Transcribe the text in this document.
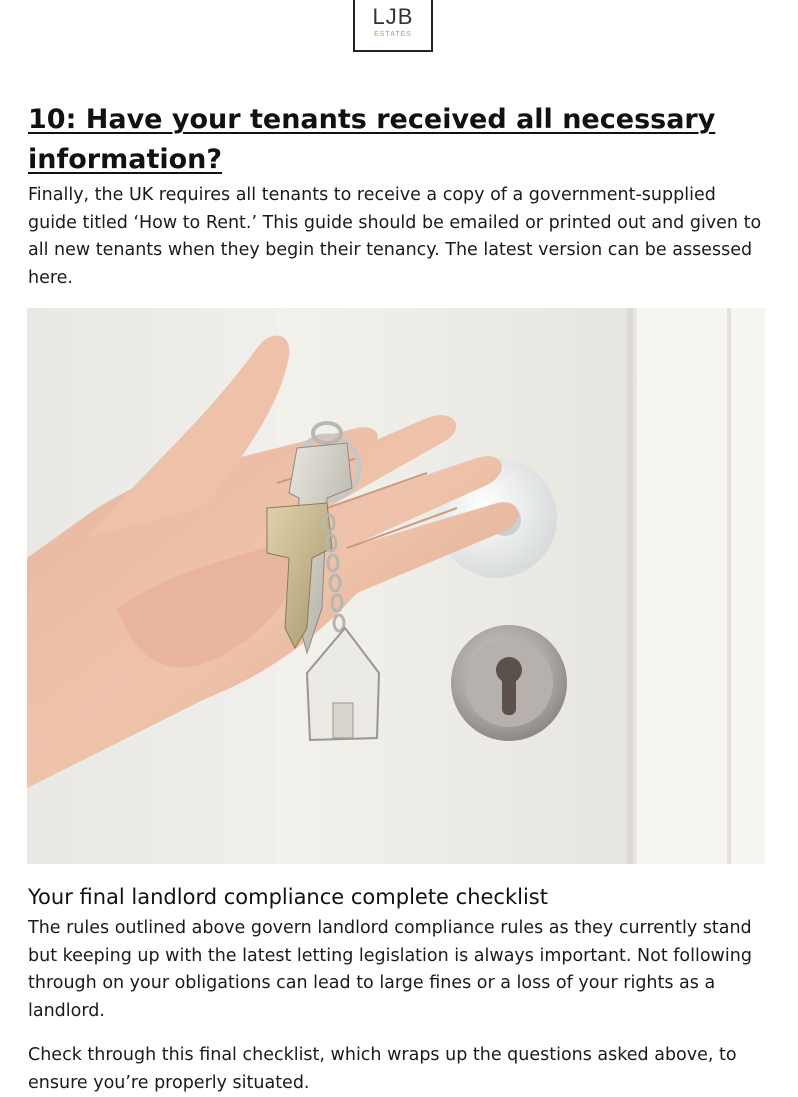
LJB
ESTATES
10: Have your tenants received all necessary information?

Finally, the UK requires all tenants to receive a copy of a government-supplied guide titled ‘How to Rent.’ This guide should be emailed or printed out and given to all new tenants when they begin their tenancy. The latest version can be assessed here.

Your final landlord compliance complete checklist

The rules outlined above govern landlord compliance rules as they currently stand but keeping up with the latest letting legislation is always important. Not following through on your obligations can lead to large fines or a loss of your rights as a landlord.

Check through this final checklist, which wraps up the questions asked above, to ensure you’re properly situated.
